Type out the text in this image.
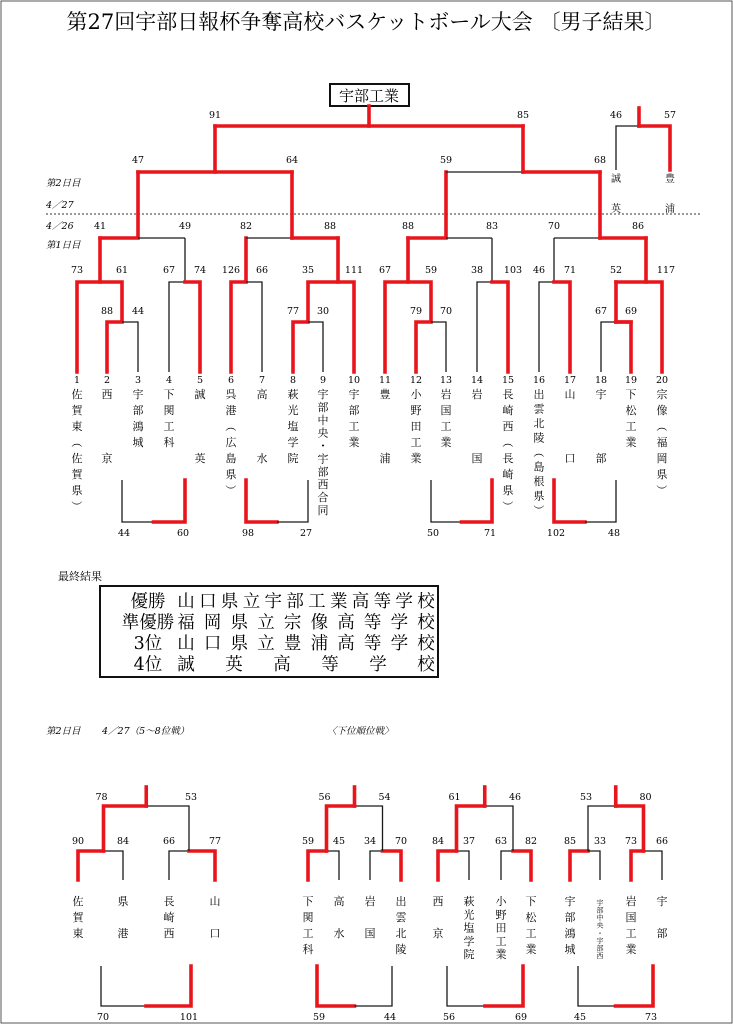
第27回宇部日報杯争奪高校バスケットボール大会 〔男子結果〕
宇部工業
第2日目
4／27
4／26
第1日目
91	85
47	64	59	68
46	57
41	49	82	88	88	83	70	86
73	61	67 74 126 66	35	111 67	59	38 103 46 71	52	117
88 44	77 30	79 70	67 69
誠	豊
英	浦
1
佐
賀
東
（
佐
賀
県
）
2
西
京
3
宇
部
鴻
城
4
下
関
工
科
5
誠
英
6
呉
港
（
広
島
県
）
7
高
水
8
萩
光
塩
学
院
9
宇
部
中
央
・
宇
部
西
合
同
10
宇
部
工
業
11
豊
浦
12
小
野
田
工
業
13
岩
国
工
業
14
岩
国
15
長
崎
西
（
長
崎
県
）
16
出
雲
北
陵
（
島
根
県
）
17
山
口
18
宇
部
19
下
松
工
業
20
宗
像
（
福
岡
県
）
44	60	98	27	50	71	102	48
最終結果
優勝 山 口 県 立 宇 部 工 業 高 等 学 校
準優勝 福 岡 県 立 宗 像 高 等 学 校
3位 山 口 県 立 豊 浦 高 等 学 校
4位 誠 英 高 等 学 校
第2日目 4／27（5～8位戦）	〈下位順位戦〉
78	53
90	84	66	77
佐
賀
東
県
港
長
崎
西
山
口
70	101
56	54
59 45 34 70
下
関
工
科
高
水
岩
国
出
雲
北
陵
59	44
61	46
84 37 63 82
西
京
萩
光
塩
学
院
小
野
田
工
業
下
松
工
業
56	69
53	80
85 33 73 66
宇
部
鴻
城
宇
部
中
央
・
宇
部
西
岩
国
工
業
宇
部
45	73
